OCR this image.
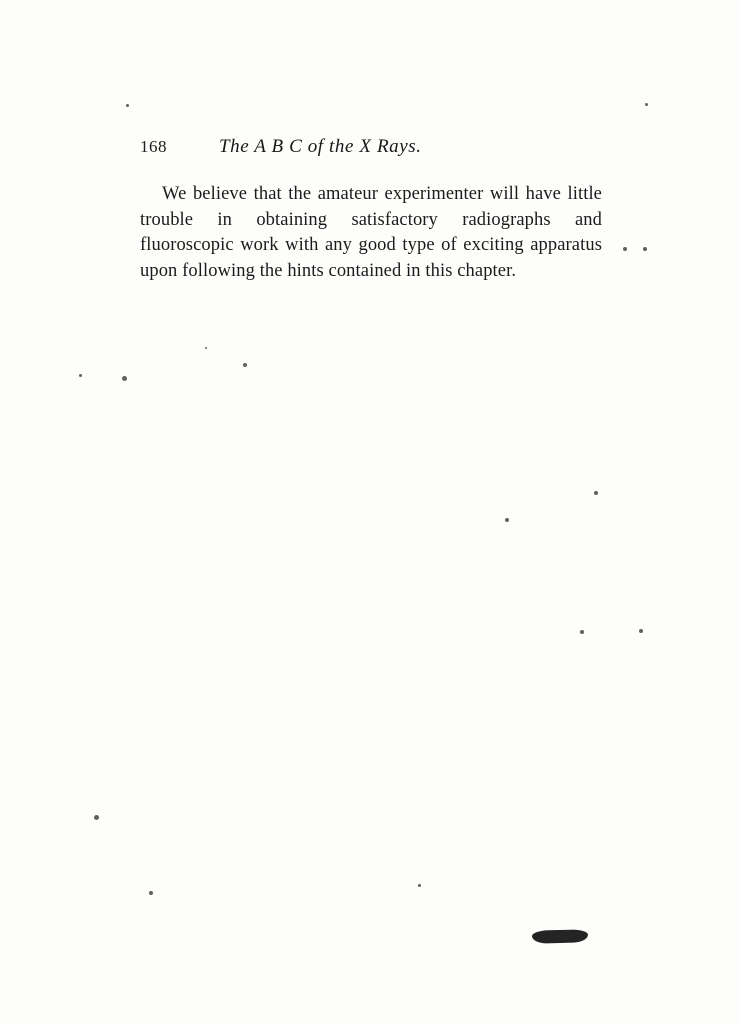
168	The A B C of the X Rays.

We believe that the amateur experimenter will have little trouble in obtaining satisfactory radiographs and fluoroscopic work with any good type of exciting apparatus upon following the hints contained in this chapter.
